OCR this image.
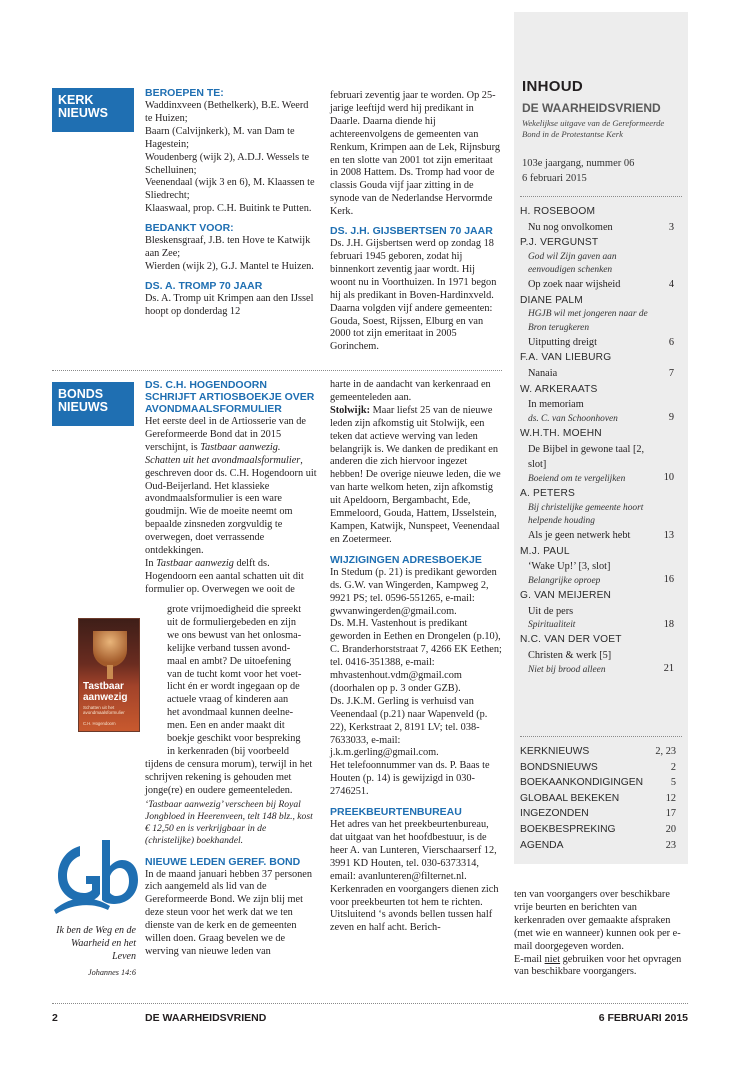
KERK
NIEUWS
BONDS
NIEUWS
BEROEPEN TE:

Waddinxveen (Bethelkerk), B.E. Weerd te Huizen;

Baarn (Calvijnkerk), M. van Dam te Hagestein;

Woudenberg (wijk 2), A.D.J. Wessels te Schelluinen;

Veenendaal (wijk 3 en 6), M. Klaassen te Sliedrecht;

Klaaswaal, prop. C.H. Buitink te Putten.

BEDANKT VOOR:

Bleskensgraaf, J.B. ten Hove te Katwijk aan Zee;

Wierden (wijk 2), G.J. Mantel te Huizen.

DS. A. TROMP 70 JAAR

Ds. A. Tromp uit Krimpen aan den IJssel hoopt op donderdag 12

februari zeventig jaar te worden. Op 25-jarige leeftijd werd hij predikant in Daarle. Daarna diende hij achtereenvolgens de gemeenten van Renkum, Krimpen aan de Lek, Rijnsburg en ten slotte van 2001 tot zijn emeritaat in 2008 Hattem. Ds. Tromp had voor de classis Gouda vijf jaar zitting in de synode van de Nederlandse Hervormde Kerk.

DS. J.H. GIJSBERTSEN 70 JAAR

Ds. J.H. Gijsbertsen werd op zondag 18 februari 1945 geboren, zodat hij binnenkort zeventig jaar wordt. Hij woont nu in Voorthuizen. In 1971 begon hij als predikant in Boven-Hardinxveld. Daarna volgden vijf andere gemeenten: Gouda, Soest, Rijssen, Elburg en van 2000 tot zijn emeritaat in 2005 Gorinchem.

DS. C.H. HOGENDOORN SCHRIJFT ARTIOSBOEKJE OVER AVONDMAALSFORMULIER

Het eerste deel in de Artiosserie van de Gereformeerde Bond dat in 2015 verschijnt, is Tastbaar aanwezig. Schatten uit het avondmaalsformulier, geschreven door ds. C.H. Hogendoorn uit Oud-Beijerland. Het klassieke avondmaalsformulier is een ware goudmijn. Wie de moeite neemt om bepaalde zinsneden zorgvuldig te overwegen, doet verrassende ontdekkingen.

In Tastbaar aanwezig delft ds. Hogendoorn een aantal schatten uit dit formulier op. Overwegen we ooit de

grote vrijmoedigheid die spreekt
uit de formuliergebeden en zijn
we ons bewust van het onlosma-
kelijke verband tussen avond-
maal en ambt? De uitoefening
van de tucht komt voor het voet-
licht én er wordt ingegaan op de
actuele vraag of kinderen aan
het avondmaal kunnen deelne-
men. Een en ander maakt dit
boekje geschikt voor bespreking
in kerkenraden (bij voorbeeld

tijdens de censura morum), terwijl in het schrijven rekening is gehouden met jonge(re) en oudere gemeenteleden.

‘Tastbaar aanwezig’ verscheen bij Royal Jongbloed in Heerenveen, telt 148 blz., kost € 12,50 en is verkrijgbaar in de (christelijke) boekhandel.

NIEUWE LEDEN GEREF. BOND

In de maand januari hebben 37 personen zich aangemeld als lid van de Gereformeerde Bond. We zijn blij met deze steun voor het werk dat we ten dienste van de kerk en de gemeenten willen doen. Graag bevelen we de werving van nieuwe leden van

harte in de aandacht van kerkenraad en gemeenteleden aan.

Stolwijk: Maar liefst 25 van de nieuwe leden zijn afkomstig uit Stolwijk, een teken dat actieve werving van leden belangrijk is. We danken de predikant en anderen die zich hiervoor ingezet hebben! De overige nieuwe leden, die we van harte welkom heten, zijn afkomstig uit Apeldoorn, Bergambacht, Ede, Emmeloord, Gouda, Hattem, IJsselstein, Kampen, Katwijk, Nunspeet, Veenendaal en Zoetermeer.

WIJZIGINGEN ADRESBOEKJE

In Stedum (p. 21) is predikant geworden ds. G.W. van Wingerden, Kampweg 2, 9921 PS; tel. 0596-551265, e-mail: gwvanwingerden@gmail.com.

Ds. M.H. Vastenhout is predikant geworden in Eethen en Drongelen (p.10), C. Branderhorststraat 7, 4266 EK Eethen; tel. 0416-351388, e-mail: mhvastenhout.vdm@gmail.com (doorhalen op p. 3 onder GZB).

Ds. J.K.M. Gerling is verhuisd van Veenendaal (p.21) naar Wapenveld (p. 22), Kerkstraat 2, 8191 LV; tel. 038-7633033, e-mail: j.k.m.gerling@gmail.com.

Het telefoonnummer van ds. P. Baas te Houten (p. 14) is gewijzigd in 030-2746251.

PREEKBEURTENBUREAU

Het adres van het preekbeurtenbureau, dat uitgaat van het hoofdbestuur, is de heer A. van Lunteren, Vierschaarserf 12, 3991 KD Houten, tel. 030-6373314, email: avanlunteren@filternet.nl.

Kerkenraden en voorgangers dienen zich voor preekbeurten tot hem te richten. Uitsluitend ‘s avonds bellen tussen half zeven en half acht. Berich-

ten van voorgangers over beschikbare vrije beurten en berichten van kerkenraden over gemaakte afspraken (met wie en wanneer) kunnen ook per e-mail doorgegeven worden.

E-mail niet gebruiken voor het opvragen van beschikbare voorgangers.

Tastbaar
aanwezig
Schatten uit het avondmaalsformulier
C.H. Hogendoorn
Ik ben de Weg en de Waarheid en het Leven
Johannes 14:6
INHOUD
DE WAARHEIDSVRIEND
Wekelijkse uitgave van de Gereformeerde Bond in de Protestantse Kerk
103e jaargang, nummer 06
6 februari 2015
H. ROSEBOOM
Nu nog onvolkomen	3
P.J. VERGUNST
God wil Zijn gaven aan eenvoudigen schenken
Op zoek naar wijsheid	4
DIANE PALM
HGJB wil met jongeren naar de Bron terugkeren
Uitputting dreigt	6
F.A. VAN LIEBURG
Nanaia	7
W. ARKERAATS
In memoriam
ds. C. van Schoonhoven	9
W.H.TH. MOEHN
De Bijbel in gewone taal [2, slot]
Boeiend om te vergelijken	10
A. PETERS
Bij christelijke gemeente hoort helpende houding
Als je geen netwerk hebt	13
M.J. PAUL
‘Wake Up!’ [3, slot]
Belangrijke oproep	16
G. VAN MEIJEREN
Uit de pers
Spiritualiteit	18
N.C. VAN DER VOET
Christen & werk [5]
Niet bij brood alleen	21
KERKNIEUWS	2, 23
BONDSNIEUWS	2
BOEKAANKONDIGINGEN	5
GLOBAAL BEKEKEN	12
INGEZONDEN	17
BOEKBESPREKING	20
AGENDA	23
2	DE WAARHEIDSVRIEND	6 FEBRUARI 2015
